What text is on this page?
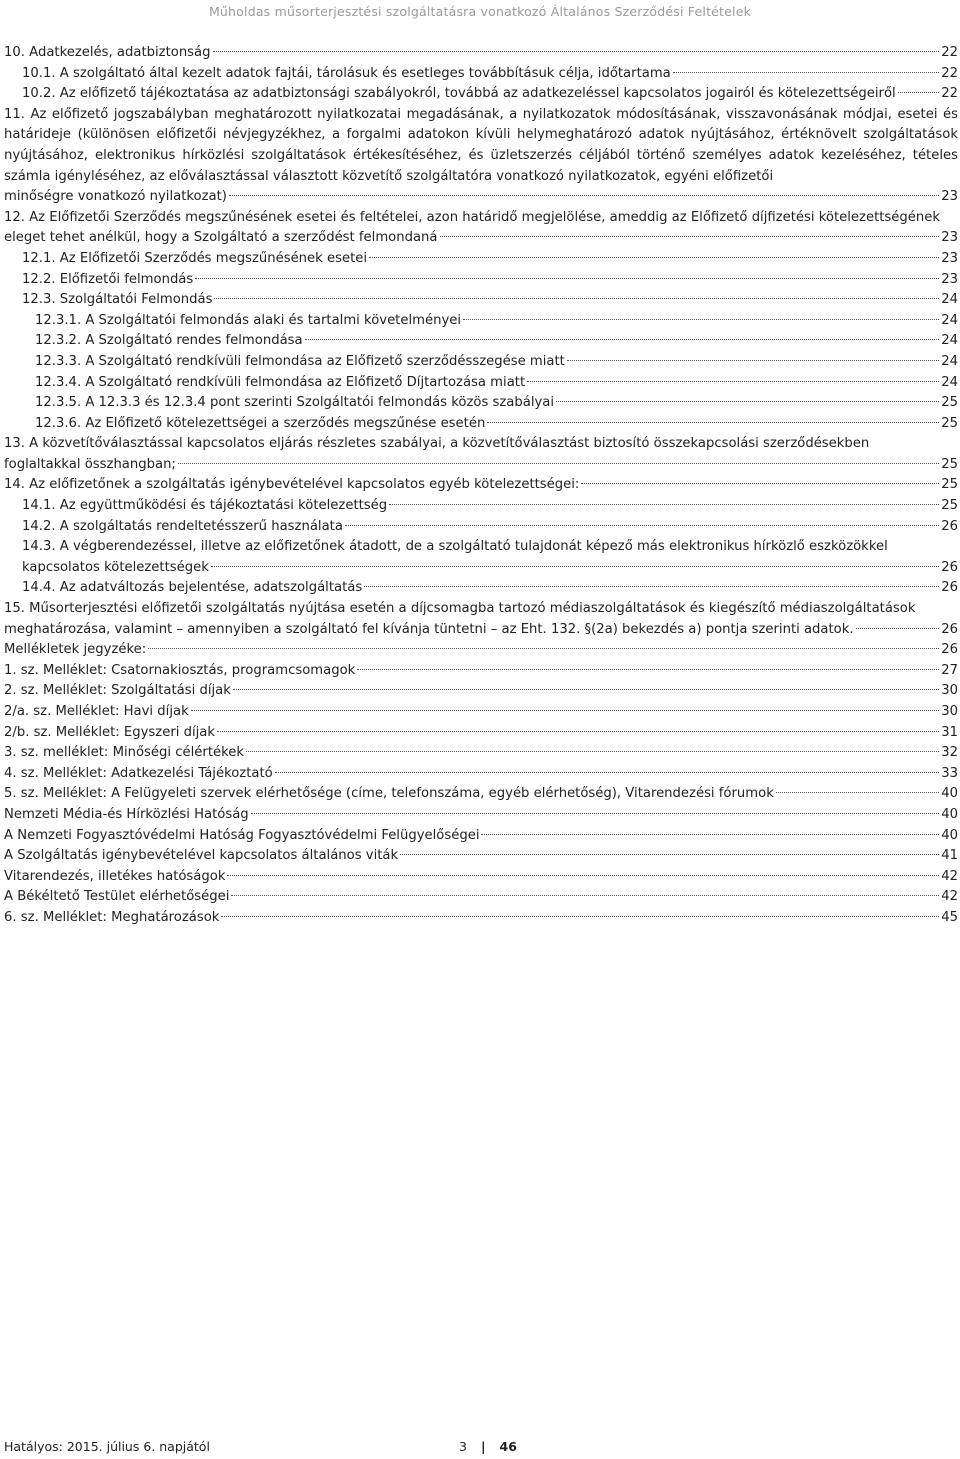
Műholdas műsorterjesztési szolgáltatásra vonatkozó Általános Szerződési Feltételek
10. Adatkezelés, adatbiztonság	22
10.1. A szolgáltató által kezelt adatok fajtái, tárolásuk és esetleges továbbításuk célja, időtartama	22
10.2. Az előfizető tájékoztatása az adatbiztonsági szabályokról, továbbá az adatkezeléssel kapcsolatos jogairól és kötelezettségeiről	22
11. Az előfizető jogszabályban meghatározott nyilatkozatai megadásának, a nyilatkozatok módosításának, visszavonásának módjai, esetei és határideje (különösen előfizetői névjegyzékhez, a forgalmi adatokon kívüli helymeghatározó adatok nyújtásához, értéknövelt szolgáltatások nyújtásához, elektronikus hírközlési szolgáltatások értékesítéséhez, és üzletszerzés céljából történő személyes adatok kezeléséhez, tételes számla igényléséhez, az előválasztással választott közvetítő szolgáltatóra vonatkozó nyilatkozatok, egyéni előfizetői
minőségre vonatkozó nyilatkozat)	23
12. Az Előfizetői Szerződés megszűnésének esetei és feltételei, azon határidő megjelölése, ameddig az Előfizető díjfizetési kötelezettségének
eleget tehet anélkül, hogy a Szolgáltató a szerződést felmondaná	23
12.1. Az Előfizetői Szerződés megszűnésének esetei	23
12.2. Előfizetői felmondás	23
12.3. Szolgáltatói Felmondás	24
12.3.1. A Szolgáltatói felmondás alaki és tartalmi követelményei	24
12.3.2. A Szolgáltató rendes felmondása	24
12.3.3. A Szolgáltató rendkívüli felmondása az Előfizető szerződésszegése miatt	24
12.3.4. A Szolgáltató rendkívüli felmondása az Előfizető Díjtartozása miatt	24
12.3.5. A 12.3.3 és 12.3.4 pont szerinti Szolgáltatói felmondás közös szabályai	25
12.3.6. Az Előfizető kötelezettségei a szerződés megszűnése esetén	25
13. A közvetítőválasztással kapcsolatos eljárás részletes szabályai, a közvetítőválasztást biztosító összekapcsolási szerződésekben
foglaltakkal összhangban;	25
14. Az előfizetőnek a szolgáltatás igénybevételével kapcsolatos egyéb kötelezettségei:	25
14.1. Az együttműködési és tájékoztatási kötelezettség	25
14.2. A szolgáltatás rendeltetésszerű használata	26
14.3. A végberendezéssel, illetve az előfizetőnek átadott, de a szolgáltató tulajdonát képező más elektronikus hírközlő eszközökkel
kapcsolatos kötelezettségek	26
14.4. Az adatváltozás bejelentése, adatszolgáltatás	26
15. Műsorterjesztési előfizetői szolgáltatás nyújtása esetén a díjcsomagba tartozó médiaszolgáltatások és kiegészítő médiaszolgáltatások
meghatározása, valamint – amennyiben a szolgáltató fel kívánja tüntetni – az Eht. 132. §(2a) bekezdés a) pontja szerinti adatok.	26
Mellékletek jegyzéke:	26
1. sz. Melléklet: Csatornakiosztás, programcsomagok	27
2. sz. Melléklet: Szolgáltatási díjak	30
2/a. sz. Melléklet: Havi díjak	30
2/b. sz. Melléklet: Egyszeri díjak	31
3. sz. melléklet: Minőségi célértékek	32
4. sz. Melléklet: Adatkezelési Tájékoztató	33
5. sz. Melléklet: A Felügyeleti szervek elérhetősége (címe, telefonszáma, egyéb elérhetőség), Vitarendezési fórumok	40
Nemzeti Média-és Hírközlési Hatóság	40
A Nemzeti Fogyasztóvédelmi Hatóság Fogyasztóvédelmi Felügyelőségei	40
A Szolgáltatás igénybevételével kapcsolatos általános viták	41
Vitarendezés, illetékes hatóságok	42
A Békéltető Testület elérhetőségei	42
6. sz. Melléklet: Meghatározások	45
Hatályos: 2015. július 6. napjától	3 | 46
